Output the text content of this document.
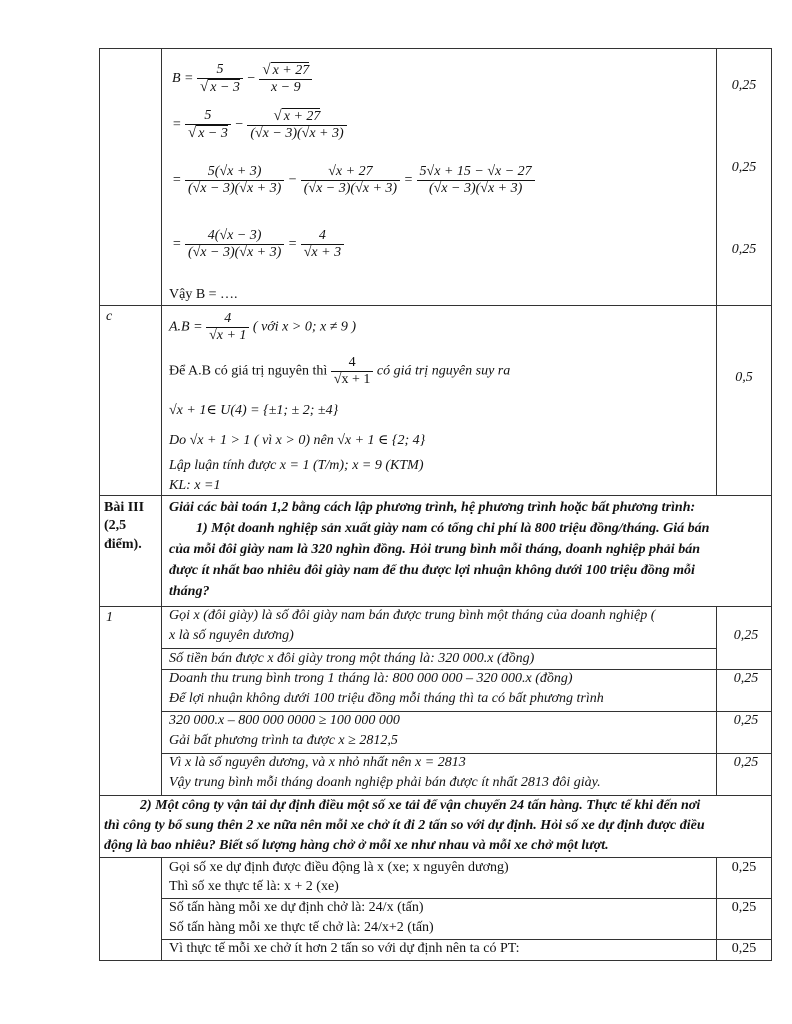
$B = \frac{5}{√ x - 3} - \frac{√ x + 27}{x - 9}$
= $\frac{5}{√ x - 3} - \frac{√ x + 27}{(√x - 3)(√x + 3)}$
= $\frac{5(√x + 3)}{(√x - 3)(√x + 3)} - \frac{√x + 27}{(√x - 3)(√x + 3)} = \frac{5√x + 15 - √x - 27}{(√x - 3)(√x + 3)}$
= $\frac{4(√x - 3)}{(√x - 3)(√x + 3)} = \frac{4}{√x + 3}$
Vậy B = ….
0,25
0,25
0,25
c
$A.B = \frac{4}{√x + 1}$ ( với x > 0; x ≠ 9 )
Để A.B có giá trị nguyên thì $\frac{4}{√x + 1}$ có giá trị nguyên suy ra
√x + 1∈ U(4) = {±1; ± 2; ±4}
Do √x + 1 > 1 ( vì x > 0) nên √x + 1 ∈ {2; 4}
Lập luận tính được x = 1 (T/m); x = 9 (KTM)
KL: x =1
0,5
Bài III
(2,5
điểm).
Giải các bài toán 1,2 bằng cách lập phương trình, hệ phương trình hoặc bất phương trình:
1) Một doanh nghiệp sản xuất giày nam có tổng chi phí là 800 triệu đồng/tháng. Giá bán
của mỗi đôi giày nam là 320 nghìn đồng. Hỏi trung bình mỗi tháng, doanh nghiệp phải bán
được ít nhất bao nhiêu đôi giày nam để thu được lợi nhuận không dưới 100 triệu đồng mỗi
tháng?
1	Gọi x (đôi giày) là số đôi giày nam bán được trung bình một tháng của doanh nghiệp (
x là số nguyên dương)
Số tiền bán được x đôi giày trong một tháng là: 320 000.x (đồng)
Doanh thu trung bình trong 1 tháng là: 800 000 000 – 320 000.x (đồng)
Để lợi nhuận không dưới 100 triệu đồng mỗi tháng thì ta có bất phương trình
320 000.x – 800 000 0000 ≥ 100 000 000
Gải bất phương trình ta được x ≥ 2812,5
Vì x là số nguyên dương, và x nhỏ nhất nên x = 2813
Vậy trung bình mỗi tháng doanh nghiệp phải bán được ít nhất 2813 đôi giày.
0,25
0,25
0,25
0,25
2) Một công ty vận tải dự định điều một số xe tải để vận chuyển 24 tấn hàng. Thực tế khi đến nơi
thì công ty bổ sung thên 2 xe nữa nên mỗi xe chở ít đi 2 tấn so với dự định. Hỏi số xe dự định được điều
động là bao nhiêu? Biết số lượng hàng chở ở mỗi xe như nhau và mỗi xe chở một lượt.
Gọi số xe dự định được điều động là x (xe; x nguyên dương)
Thì số xe thực tế là: x + 2 (xe)
Số tấn hàng mỗi xe dự định chở là: 24/x (tấn)
Số tấn hàng mỗi xe thực tế chở là: 24/x+2 (tấn)
Vì thực tế mỗi xe chở ít hơn 2 tấn so với dự định nên ta có PT:
0,25
0,25
0,25
